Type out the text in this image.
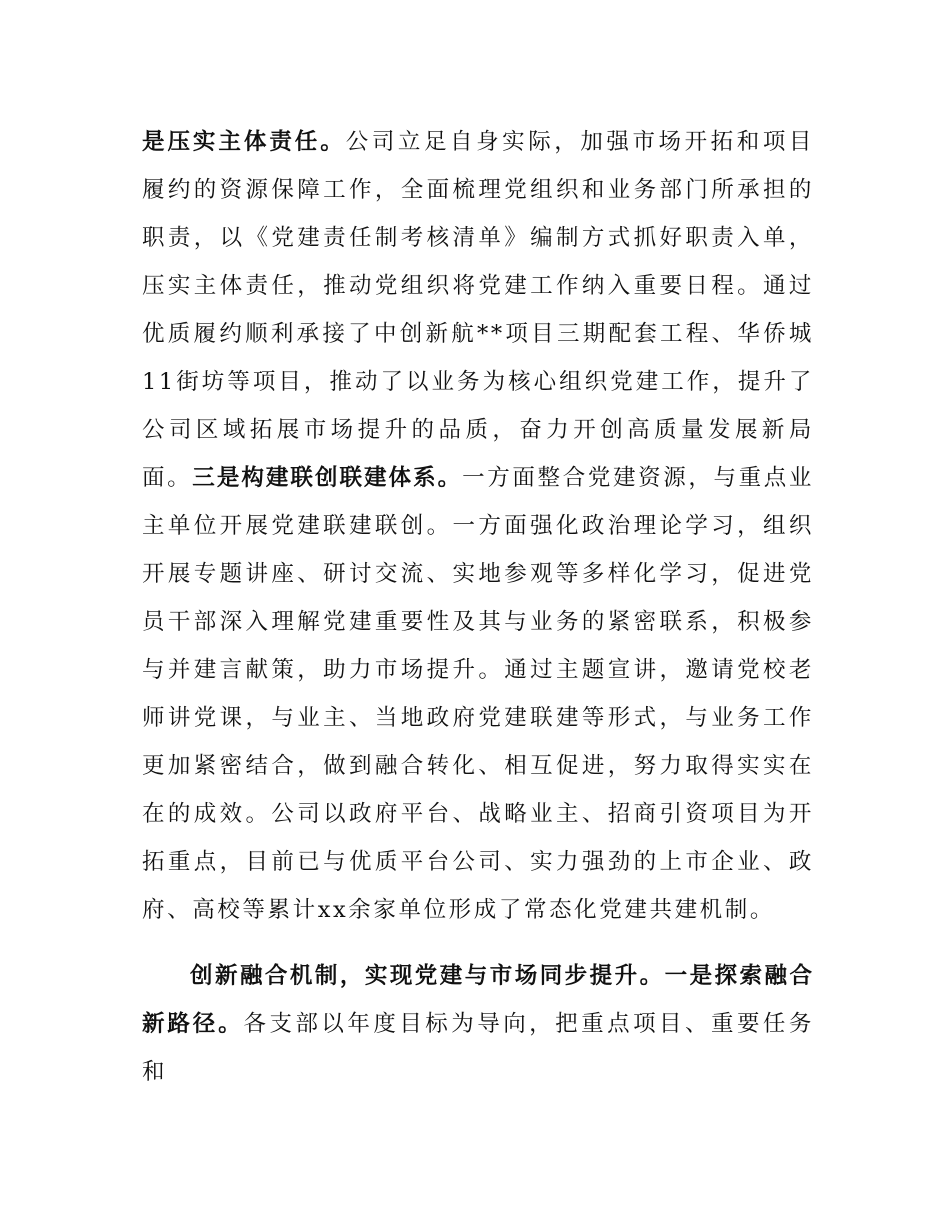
是压实主体责任。公司立足自身实际，加强市场开拓和项目履约的资源保障工作，全面梳理党组织和业务部门所承担的职责，以《党建责任制考核清单》编制方式抓好职责入单，压实主体责任，推动党组织将党建工作纳入重要日程。通过优质履约顺利承接了中创新航**项目三期配套工程、华侨城11街坊等项目，推动了以业务为核心组织党建工作，提升了公司区域拓展市场提升的品质，奋力开创高质量发展新局面。三是构建联创联建体系。一方面整合党建资源，与重点业主单位开展党建联建联创。一方面强化政治理论学习，组织开展专题讲座、研讨交流、实地参观等多样化学习，促进党员干部深入理解党建重要性及其与业务的紧密联系，积极参与并建言献策，助力市场提升。通过主题宣讲，邀请党校老师讲党课，与业主、当地政府党建联建等形式，与业务工作更加紧密结合，做到融合转化、相互促进，努力取得实实在在的成效。公司以政府平台、战略业主、招商引资项目为开拓重点，目前已与优质平台公司、实力强劲的上市企业、政府、高校等累计xx余家单位形成了常态化党建共建机制。

创新融合机制，实现党建与市场同步提升。一是探索融合新路径。各支部以年度目标为导向，把重点项目、重要任务和
